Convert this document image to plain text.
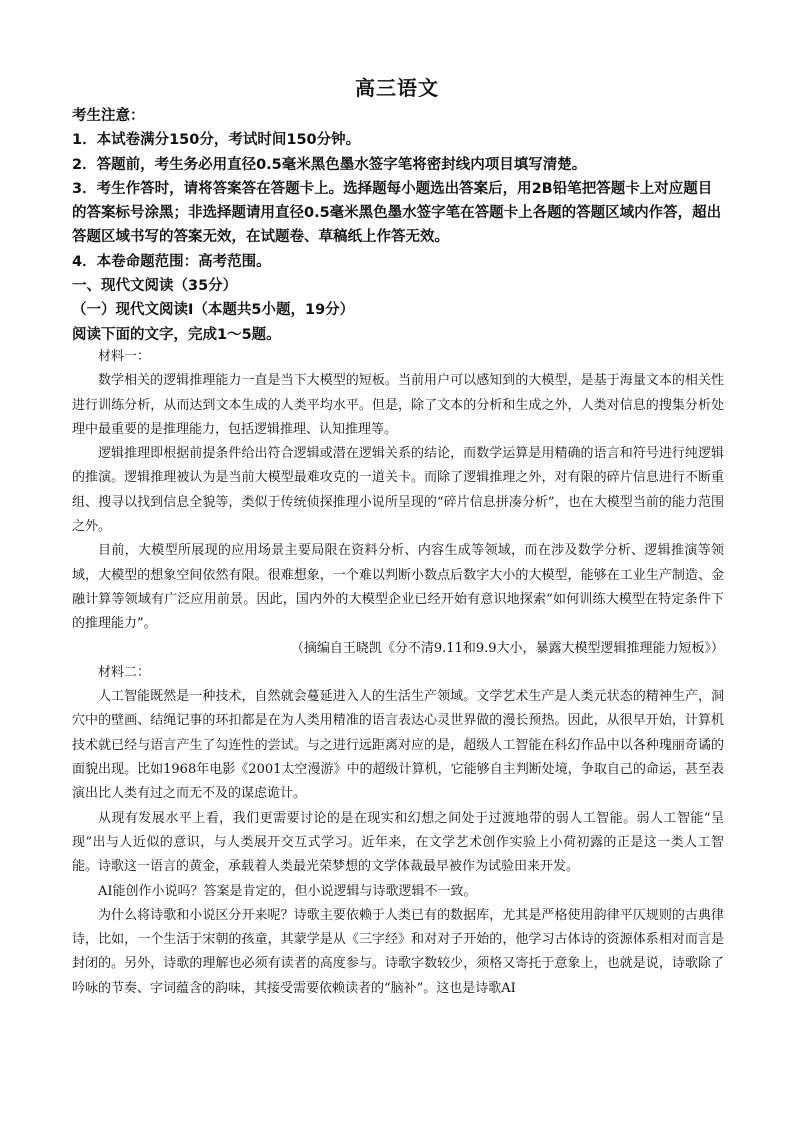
高三语文

考生注意：

1．本试卷满分150分，考试时间150分钟。

2．答题前，考生务必用直径0.5毫米黑色墨水签字笔将密封线内项目填写清楚。

3．考生作答时，请将答案答在答题卡上。选择题每小题选出答案后，用2B铅笔把答题卡上对应题目的答案标号涂黑；非选择题请用直径0.5毫米黑色墨水签字笔在答题卡上各题的答题区域内作答，超出答题区域书写的答案无效，在试题卷、草稿纸上作答无效。

4．本卷命题范围：高考范围。

一、现代文阅读（35分）

（一）现代文阅读Ⅰ（本题共5小题，19分）

阅读下面的文字，完成1～5题。

材料一：

数学相关的逻辑推理能力一直是当下大模型的短板。当前用户可以感知到的大模型，是基于海量文本的相关性进行训练分析，从而达到文本生成的人类平均水平。但是，除了文本的分析和生成之外，人类对信息的搜集分析处理中最重要的是推理能力，包括逻辑推理、认知推理等。

逻辑推理即根据前提条件给出符合逻辑或潜在逻辑关系的结论，而数学运算是用精确的语言和符号进行纯逻辑的推演。逻辑推理被认为是当前大模型最难攻克的一道关卡。而除了逻辑推理之外，对有限的碎片信息进行不断重组、搜寻以找到信息全貌等，类似于传统侦探推理小说所呈现的“碎片信息拼凑分析”，也在大模型当前的能力范围之外。

目前，大模型所展现的应用场景主要局限在资料分析、内容生成等领域，而在涉及数学分析、逻辑推演等领域，大模型的想象空间依然有限。很难想象，一个难以判断小数点后数字大小的大模型，能够在工业生产制造、金融计算等领域有广泛应用前景。因此，国内外的大模型企业已经开始有意识地探索“如何训练大模型在特定条件下的推理能力”。

（摘编自王晓凯《分不清9.11和9.9大小，暴露大模型逻辑推理能力短板》）

材料二：

人工智能既然是一种技术，自然就会蔓延进入人的生活生产领域。文学艺术生产是人类元状态的精神生产，洞穴中的壁画、结绳记事的环扣都是在为人类用精准的语言表达心灵世界做的漫长预热。因此，从很早开始，计算机技术就已经与语言产生了勾连性的尝试。与之进行远距离对应的是，超级人工智能在科幻作品中以各种瑰丽奇谲的面貌出现。比如1968年电影《2001太空漫游》中的超级计算机，它能够自主判断处境，争取自己的命运，甚至表演出比人类有过之而无不及的谋虑诡计。

从现有发展水平上看，我们更需要讨论的是在现实和幻想之间处于过渡地带的弱人工智能。弱人工智能“呈现”出与人近似的意识，与人类展开交互式学习。近年来，在文学艺术创作实验上小荷初露的正是这一类人工智能。诗歌这一语言的黄金，承载着人类最光荣梦想的文学体裁最早被作为试验田来开发。

AI能创作小说吗？答案是肯定的，但小说逻辑与诗歌逻辑不一致。

为什么将诗歌和小说区分开来呢？诗歌主要依赖于人类已有的数据库，尤其是严格使用韵律平仄规则的古典律诗，比如，一个生活于宋朝的孩童，其蒙学是从《三字经》和对对子开始的，他学习古体诗的资源体系相对而言是封闭的。另外，诗歌的理解也必须有读者的高度参与。诗歌字数较少，须格又寄托于意象上，也就是说，诗歌除了吟咏的节奏、字词蕴含的韵味，其接受需要依赖读者的“脑补”。这也是诗歌AI
